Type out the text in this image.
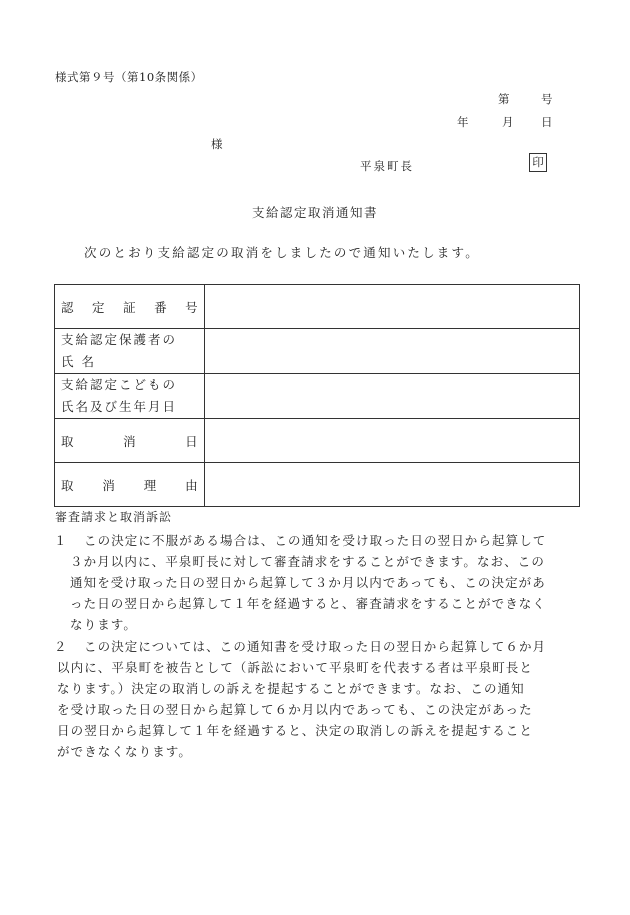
様式第９号（第10条関係）
第	号
年	月 日
様
平泉町長	印
支給認定取消通知書
次のとおり支給認定の取消をしましたので通知いたします。
認 定 証 番 号	

支給認定保護者の
氏 名	

支給認定こどもの
氏名及び生年月日	

取 消 日	

取 消 理 由	

審査請求と取消訴訟
１ この決定に不服がある場合は、この通知を受け取った日の翌日から起算して
３か月以内に、平泉町長に対して審査請求をすることができます。なお、この
通知を受け取った日の翌日から起算して３か月以内であっても、この決定があ
った日の翌日から起算して１年を経過すると、審査請求をすることができなく
なります。
２ この決定については、この通知書を受け取った日の翌日から起算して６か月
以内に、平泉町を被告として（訴訟において平泉町を代表する者は平泉町長と
なります。）決定の取消しの訴えを提起することができます。なお、この通知
を受け取った日の翌日から起算して６か月以内であっても、この決定があった
日の翌日から起算して１年を経過すると、決定の取消しの訴えを提起すること
ができなくなります。
